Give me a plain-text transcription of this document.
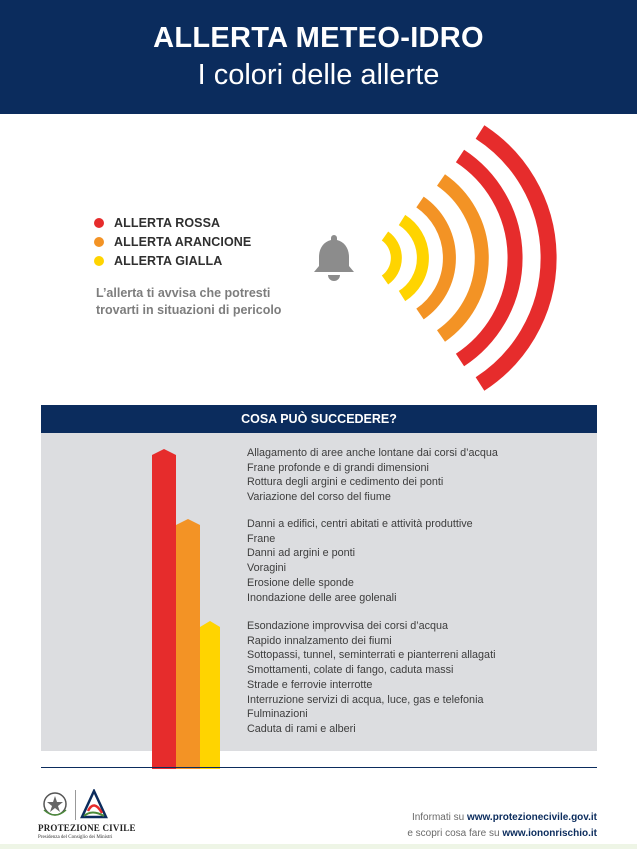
ALLERTA METEO-IDRO
I colori delle allerte
ALLERTA ROSSA
ALLERTA ARANCIONE
ALLERTA GIALLA
L’allerta ti avvisa che potresti
trovarti in situazioni di pericolo
COSA PUÒ SUCCEDERE?
Allagamento di aree anche lontane dai corsi d’acqua
Frane profonde e di grandi dimensioni
Rottura degli argini e cedimento dei ponti
Variazione del corso del fiume
Danni a edifici, centri abitati e attività produttive
Frane
Danni ad argini e ponti
Voragini
Erosione delle sponde
Inondazione delle aree golenali
Esondazione improvvisa dei corsi d’acqua
Rapido innalzamento dei fiumi
Sottopassi, tunnel, seminterrati e pianterreni allagati
Smottamenti, colate di fango, caduta massi
Strade e ferrovie interrotte
Interruzione servizi di acqua, luce, gas e telefonia
Fulminazioni
Caduta di rami e alberi
PROTEZIONE CIVILE
Presidenza del Consiglio dei Ministri
Informati su www.protezionecivile.gov.it
e scopri cosa fare su www.iononrischio.it
